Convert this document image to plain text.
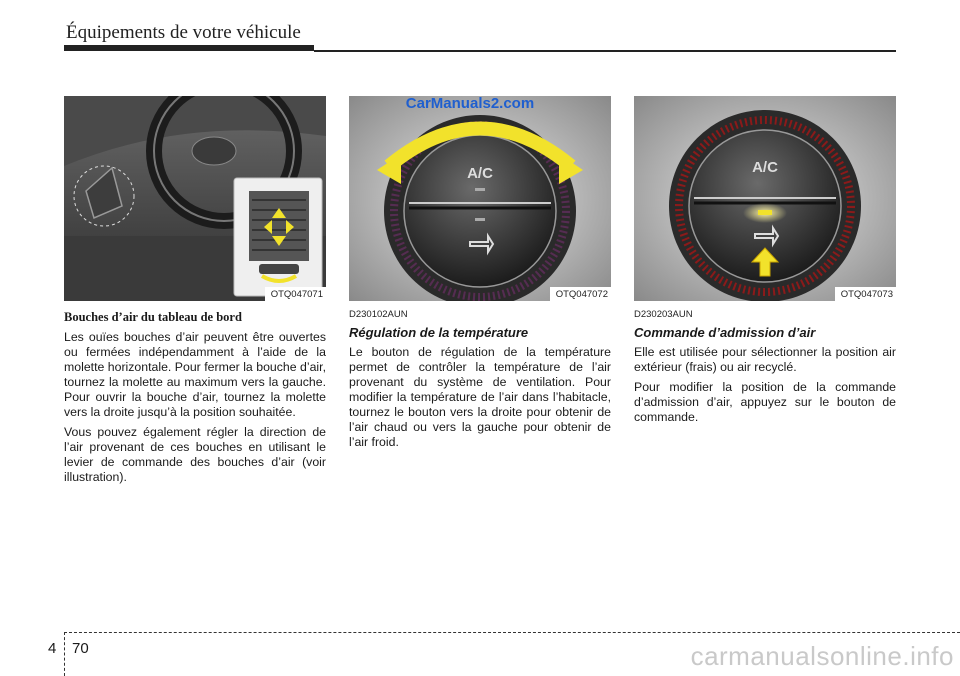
Équipements de votre véhicule
OTQ047071
Bouches d’air du tableau de bord

Les ouïes bouches d’air peuvent être ouvertes ou fermées indépendamment à l’aide de la molette horizontale. Pour fermer la bouche d’air, tournez la molette au maximum vers la gauche. Pour ouvrir la bouche d’air, tournez la molette vers la droite jusqu’à la position souhaitée.

Vous pouvez également régler la direction de l’air provenant de ces bouches en utilisant le levier de commande des bouches d’air (voir illustration).

A/C
CarManuals2.com
OTQ047072
D230102AUN
Régulation de la température

Le bouton de régulation de la température permet de contrôler la température de l’air provenant du système de ventilation. Pour modifier la température de l’air dans l’habitacle, tournez le bouton vers la droite pour obtenir de l’air chaud ou vers la gauche pour obtenir de l’air froid.

A/C
OTQ047073
D230203AUN
Commande d’admission d’air

Elle est utilisée pour sélectionner la position air extérieur (frais) ou air recyclé.

Pour modifier la position de la commande d’admission d’air, appuyez sur le bouton de commande.

4 70	carmanualsonline.info
